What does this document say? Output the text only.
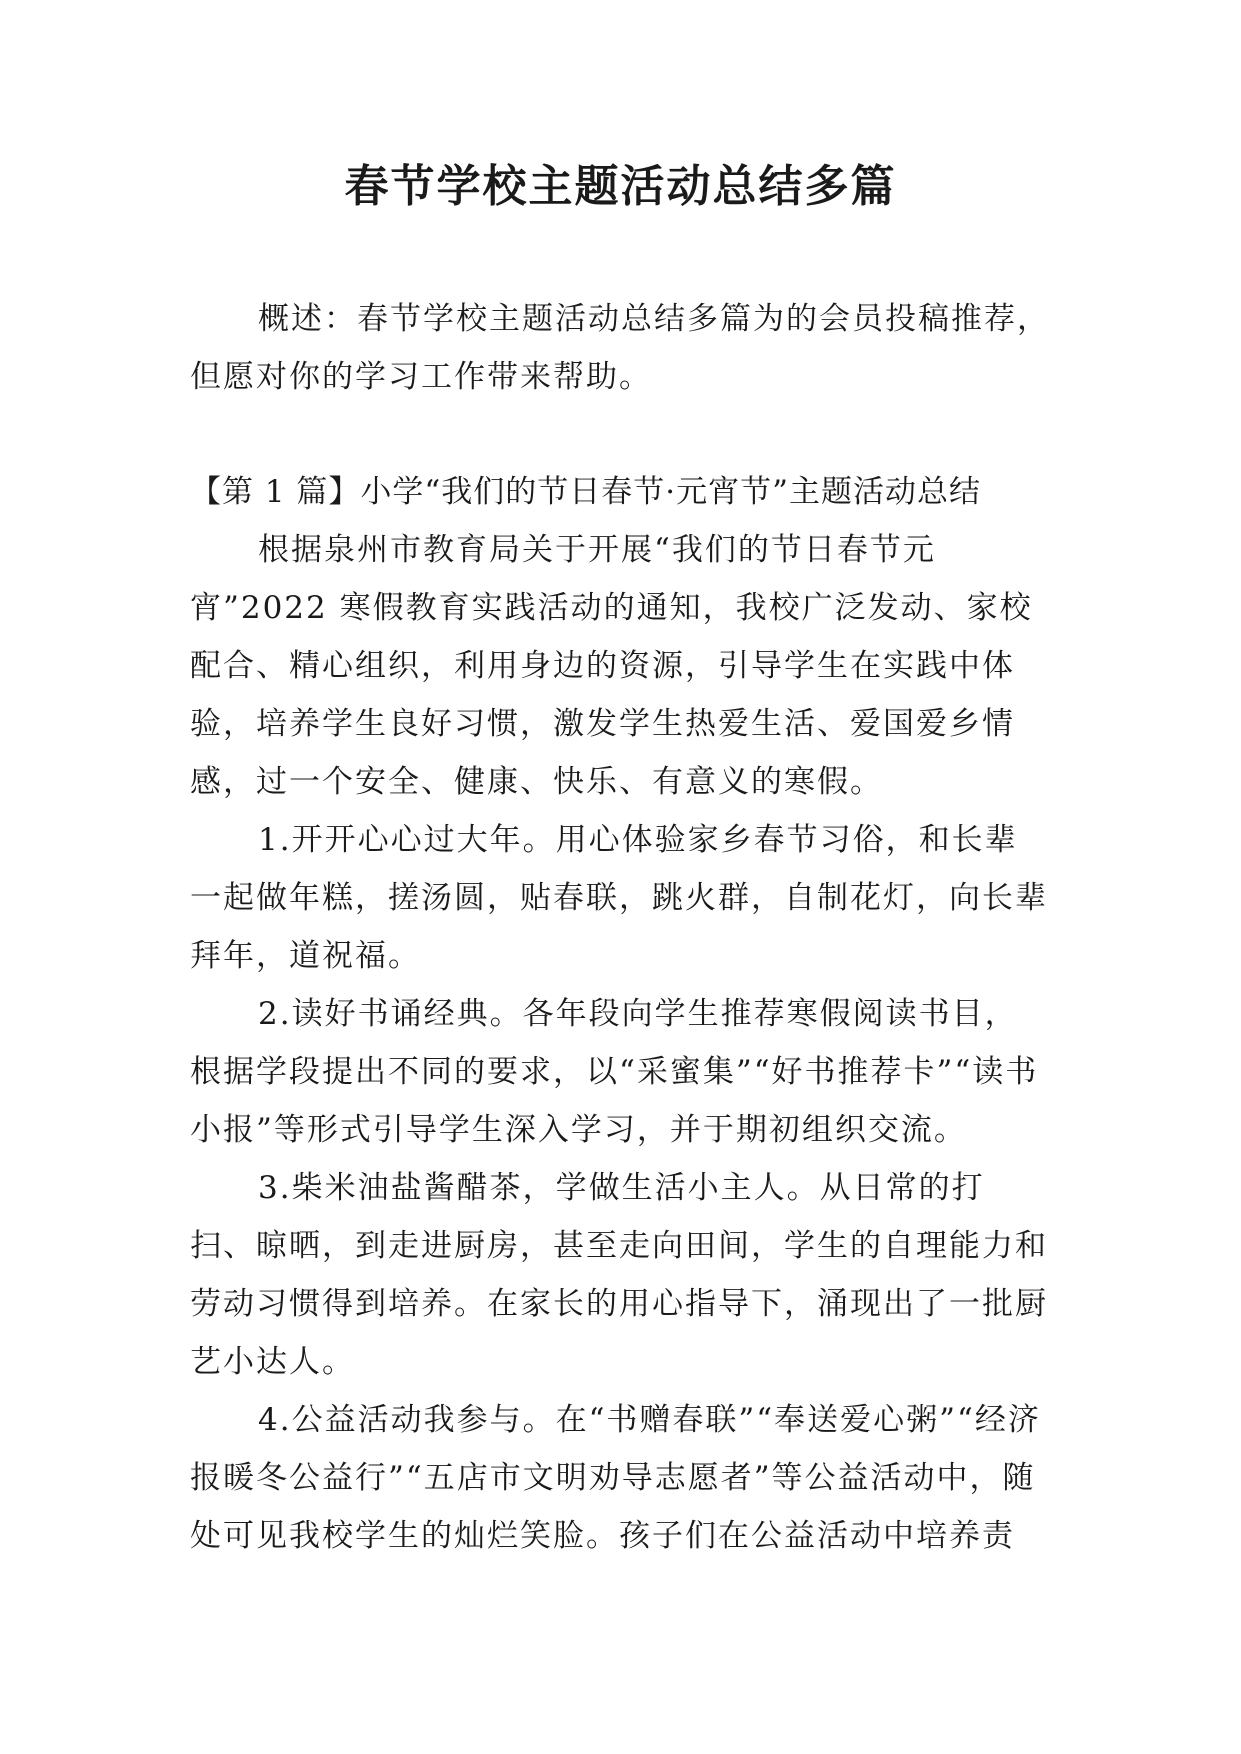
春节学校主题活动总结多篇

概述：春节学校主题活动总结多篇为的会员投稿推荐，但愿对你的学习工作带来帮助。

【第 1 篇】小学“我们的节日春节·元宵节”主题活动总结

根据泉州市教育局关于开展“我们的节日春节元宵”2022 寒假教育实践活动的通知，我校广泛发动、家校配合、精心组织，利用身边的资源，引导学生在实践中体验，培养学生良好习惯，激发学生热爱生活、爱国爱乡情感，过一个安全、健康、快乐、有意义的寒假。

1.开开心心过大年。用心体验家乡春节习俗，和长辈一起做年糕，搓汤圆，贴春联，跳火群，自制花灯，向长辈拜年，道祝福。

2.读好书诵经典。各年段向学生推荐寒假阅读书目，根据学段提出不同的要求，以“采蜜集”“好书推荐卡”“读书小报”等形式引导学生深入学习，并于期初组织交流。

3.柴米油盐酱醋茶，学做生活小主人。从日常的打扫、晾晒，到走进厨房，甚至走向田间，学生的自理能力和劳动习惯得到培养。在家长的用心指导下，涌现出了一批厨艺小达人。

4.公益活动我参与。在“书赠春联”“奉送爱心粥”“经济报暖冬公益行”“五店市文明劝导志愿者”等公益活动中，随处可见我校学生的灿烂笑脸。孩子们在公益活动中培养责
